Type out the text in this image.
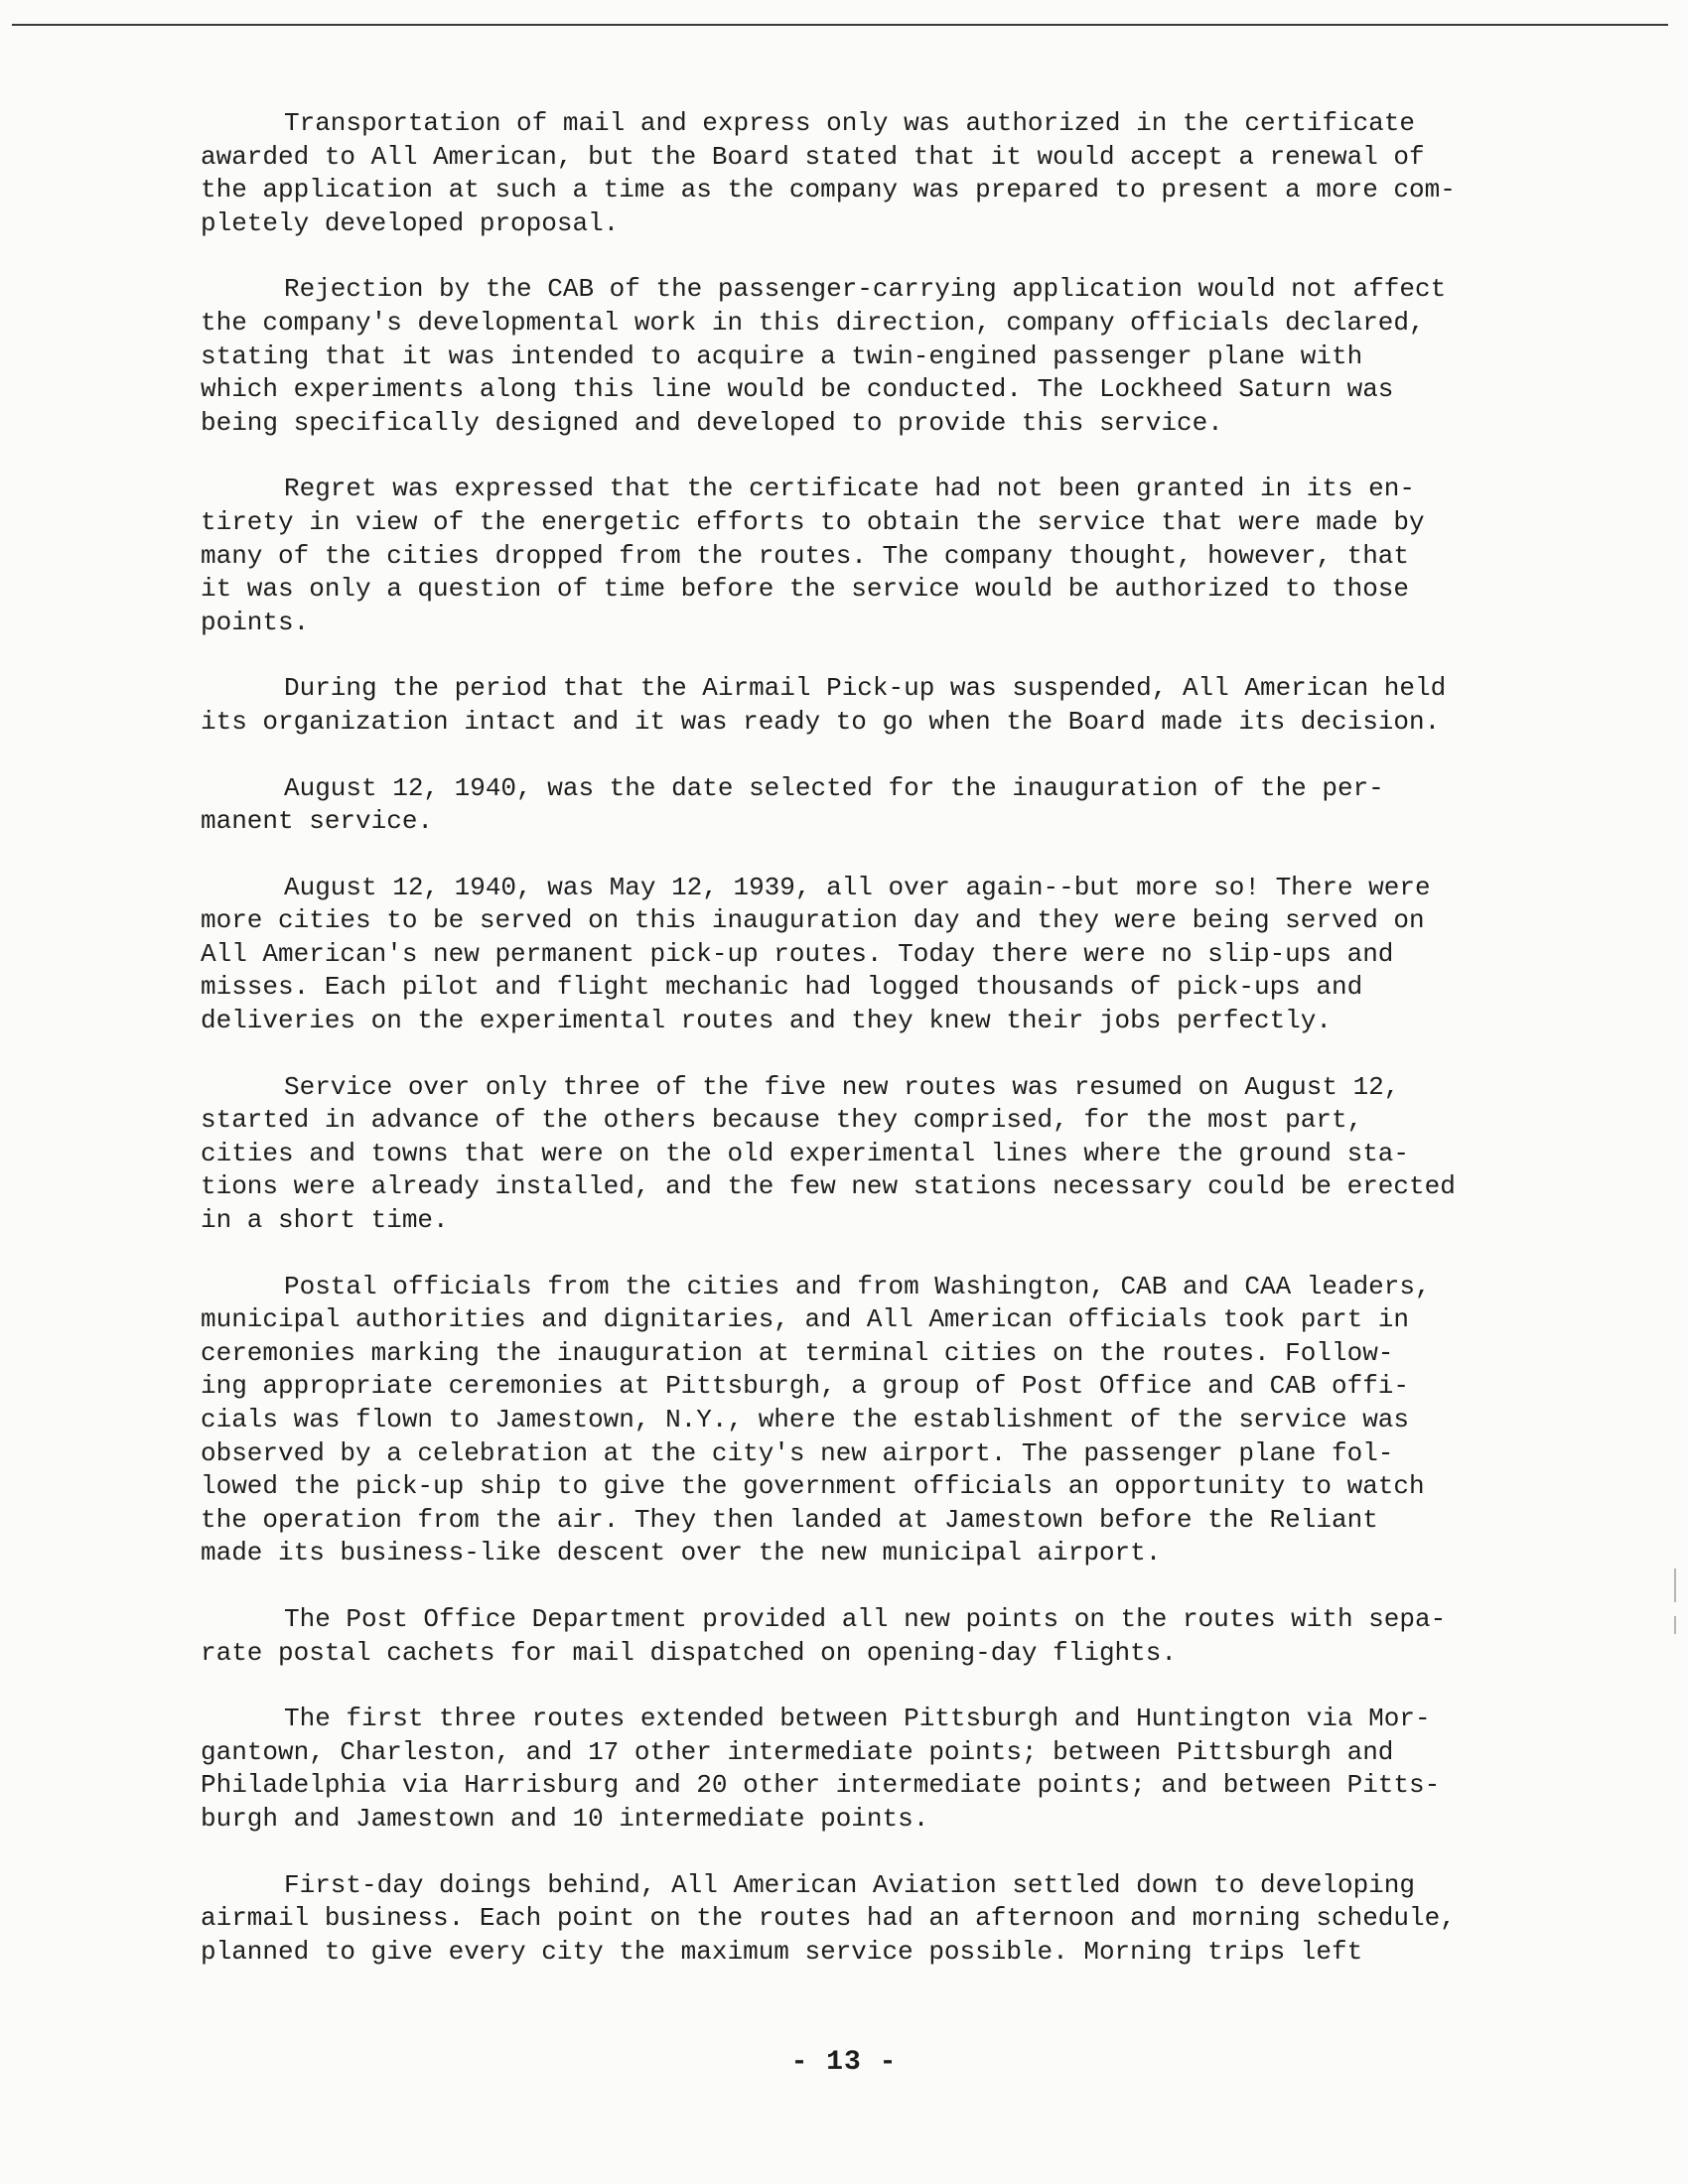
Transportation of mail and express only was authorized in the certificate
awarded to All American, but the Board stated that it would accept a renewal of
the application at such a time as the company was prepared to present a more com-
pletely developed proposal.

Rejection by the CAB of the passenger-carrying application would not affect
the company's developmental work in this direction, company officials declared,
stating that it was intended to acquire a twin-engined passenger plane with
which experiments along this line would be conducted. The Lockheed Saturn was
being specifically designed and developed to provide this service.

Regret was expressed that the certificate had not been granted in its en-
tirety in view of the energetic efforts to obtain the service that were made by
many of the cities dropped from the routes. The company thought, however, that
it was only a question of time before the service would be authorized to those
points.

During the period that the Airmail Pick-up was suspended, All American held
its organization intact and it was ready to go when the Board made its decision.

August 12, 1940, was the date selected for the inauguration of the per-
manent service.

August 12, 1940, was May 12, 1939, all over again--but more so! There were
more cities to be served on this inauguration day and they were being served on
All American's new permanent pick-up routes. Today there were no slip-ups and
misses. Each pilot and flight mechanic had logged thousands of pick-ups and
deliveries on the experimental routes and they knew their jobs perfectly.

Service over only three of the five new routes was resumed on August 12,
started in advance of the others because they comprised, for the most part,
cities and towns that were on the old experimental lines where the ground sta-
tions were already installed, and the few new stations necessary could be erected
in a short time.

Postal officials from the cities and from Washington, CAB and CAA leaders,
municipal authorities and dignitaries, and All American officials took part in
ceremonies marking the inauguration at terminal cities on the routes. Follow-
ing appropriate ceremonies at Pittsburgh, a group of Post Office and CAB offi-
cials was flown to Jamestown, N.Y., where the establishment of the service was
observed by a celebration at the city's new airport. The passenger plane fol-
lowed the pick-up ship to give the government officials an opportunity to watch
the operation from the air. They then landed at Jamestown before the Reliant
made its business-like descent over the new municipal airport.

The Post Office Department provided all new points on the routes with sepa-
rate postal cachets for mail dispatched on opening-day flights.

The first three routes extended between Pittsburgh and Huntington via Mor-
gantown, Charleston, and 17 other intermediate points; between Pittsburgh and
Philadelphia via Harrisburg and 20 other intermediate points; and between Pitts-
burgh and Jamestown and 10 intermediate points.

First-day doings behind, All American Aviation settled down to developing
airmail business. Each point on the routes had an afternoon and morning schedule,
planned to give every city the maximum service possible. Morning trips left

- 13 -
